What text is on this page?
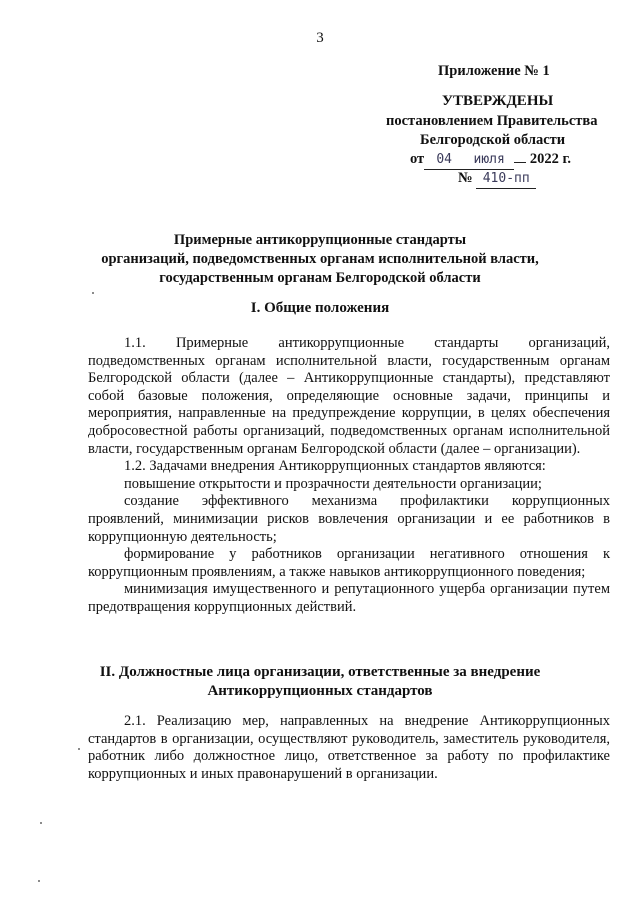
3
Приложение № 1
УТВЕРЖДЕНЫ
постановлением Правительства
Белгородской области
от 04 июля 2022 г.
№ 410-пп
Примерные антикоррупционные стандарты
организаций, подведомственных органам исполнительной власти,
государственным органам Белгородской области
I. Общие положения

1.1. Примерные антикоррупционные стандарты организаций, подведомственных органам исполнительной власти, государственным органам Белгородской области (далее – Антикоррупционные стандарты), представляют собой базовые положения, определяющие основные задачи, принципы и мероприятия, направленные на предупреждение коррупции, в целях обеспечения добросовестной работы организаций, подведомственных органам исполнительной власти, государственным органам Белгородской области (далее – организации).

1.2. Задачами внедрения Антикоррупционных стандартов являются:

повышение открытости и прозрачности деятельности организации;

создание эффективного механизма профилактики коррупционных проявлений, минимизации рисков вовлечения организации и ее работников в коррупционную деятельность;

формирование у работников организации негативного отношения к коррупционным проявлениям, а также навыков антикоррупционного поведения;

минимизация имущественного и репутационного ущерба организации путем предотвращения коррупционных действий.

II. Должностные лица организации, ответственные за внедрение
Антикоррупционных стандартов

2.1. Реализацию мер, направленных на внедрение Антикоррупционных стандартов в организации, осуществляют руководитель, заместитель руководителя, работник либо должностное лицо, ответственное за работу по профилактике коррупционных и иных правонарушений в организации.
